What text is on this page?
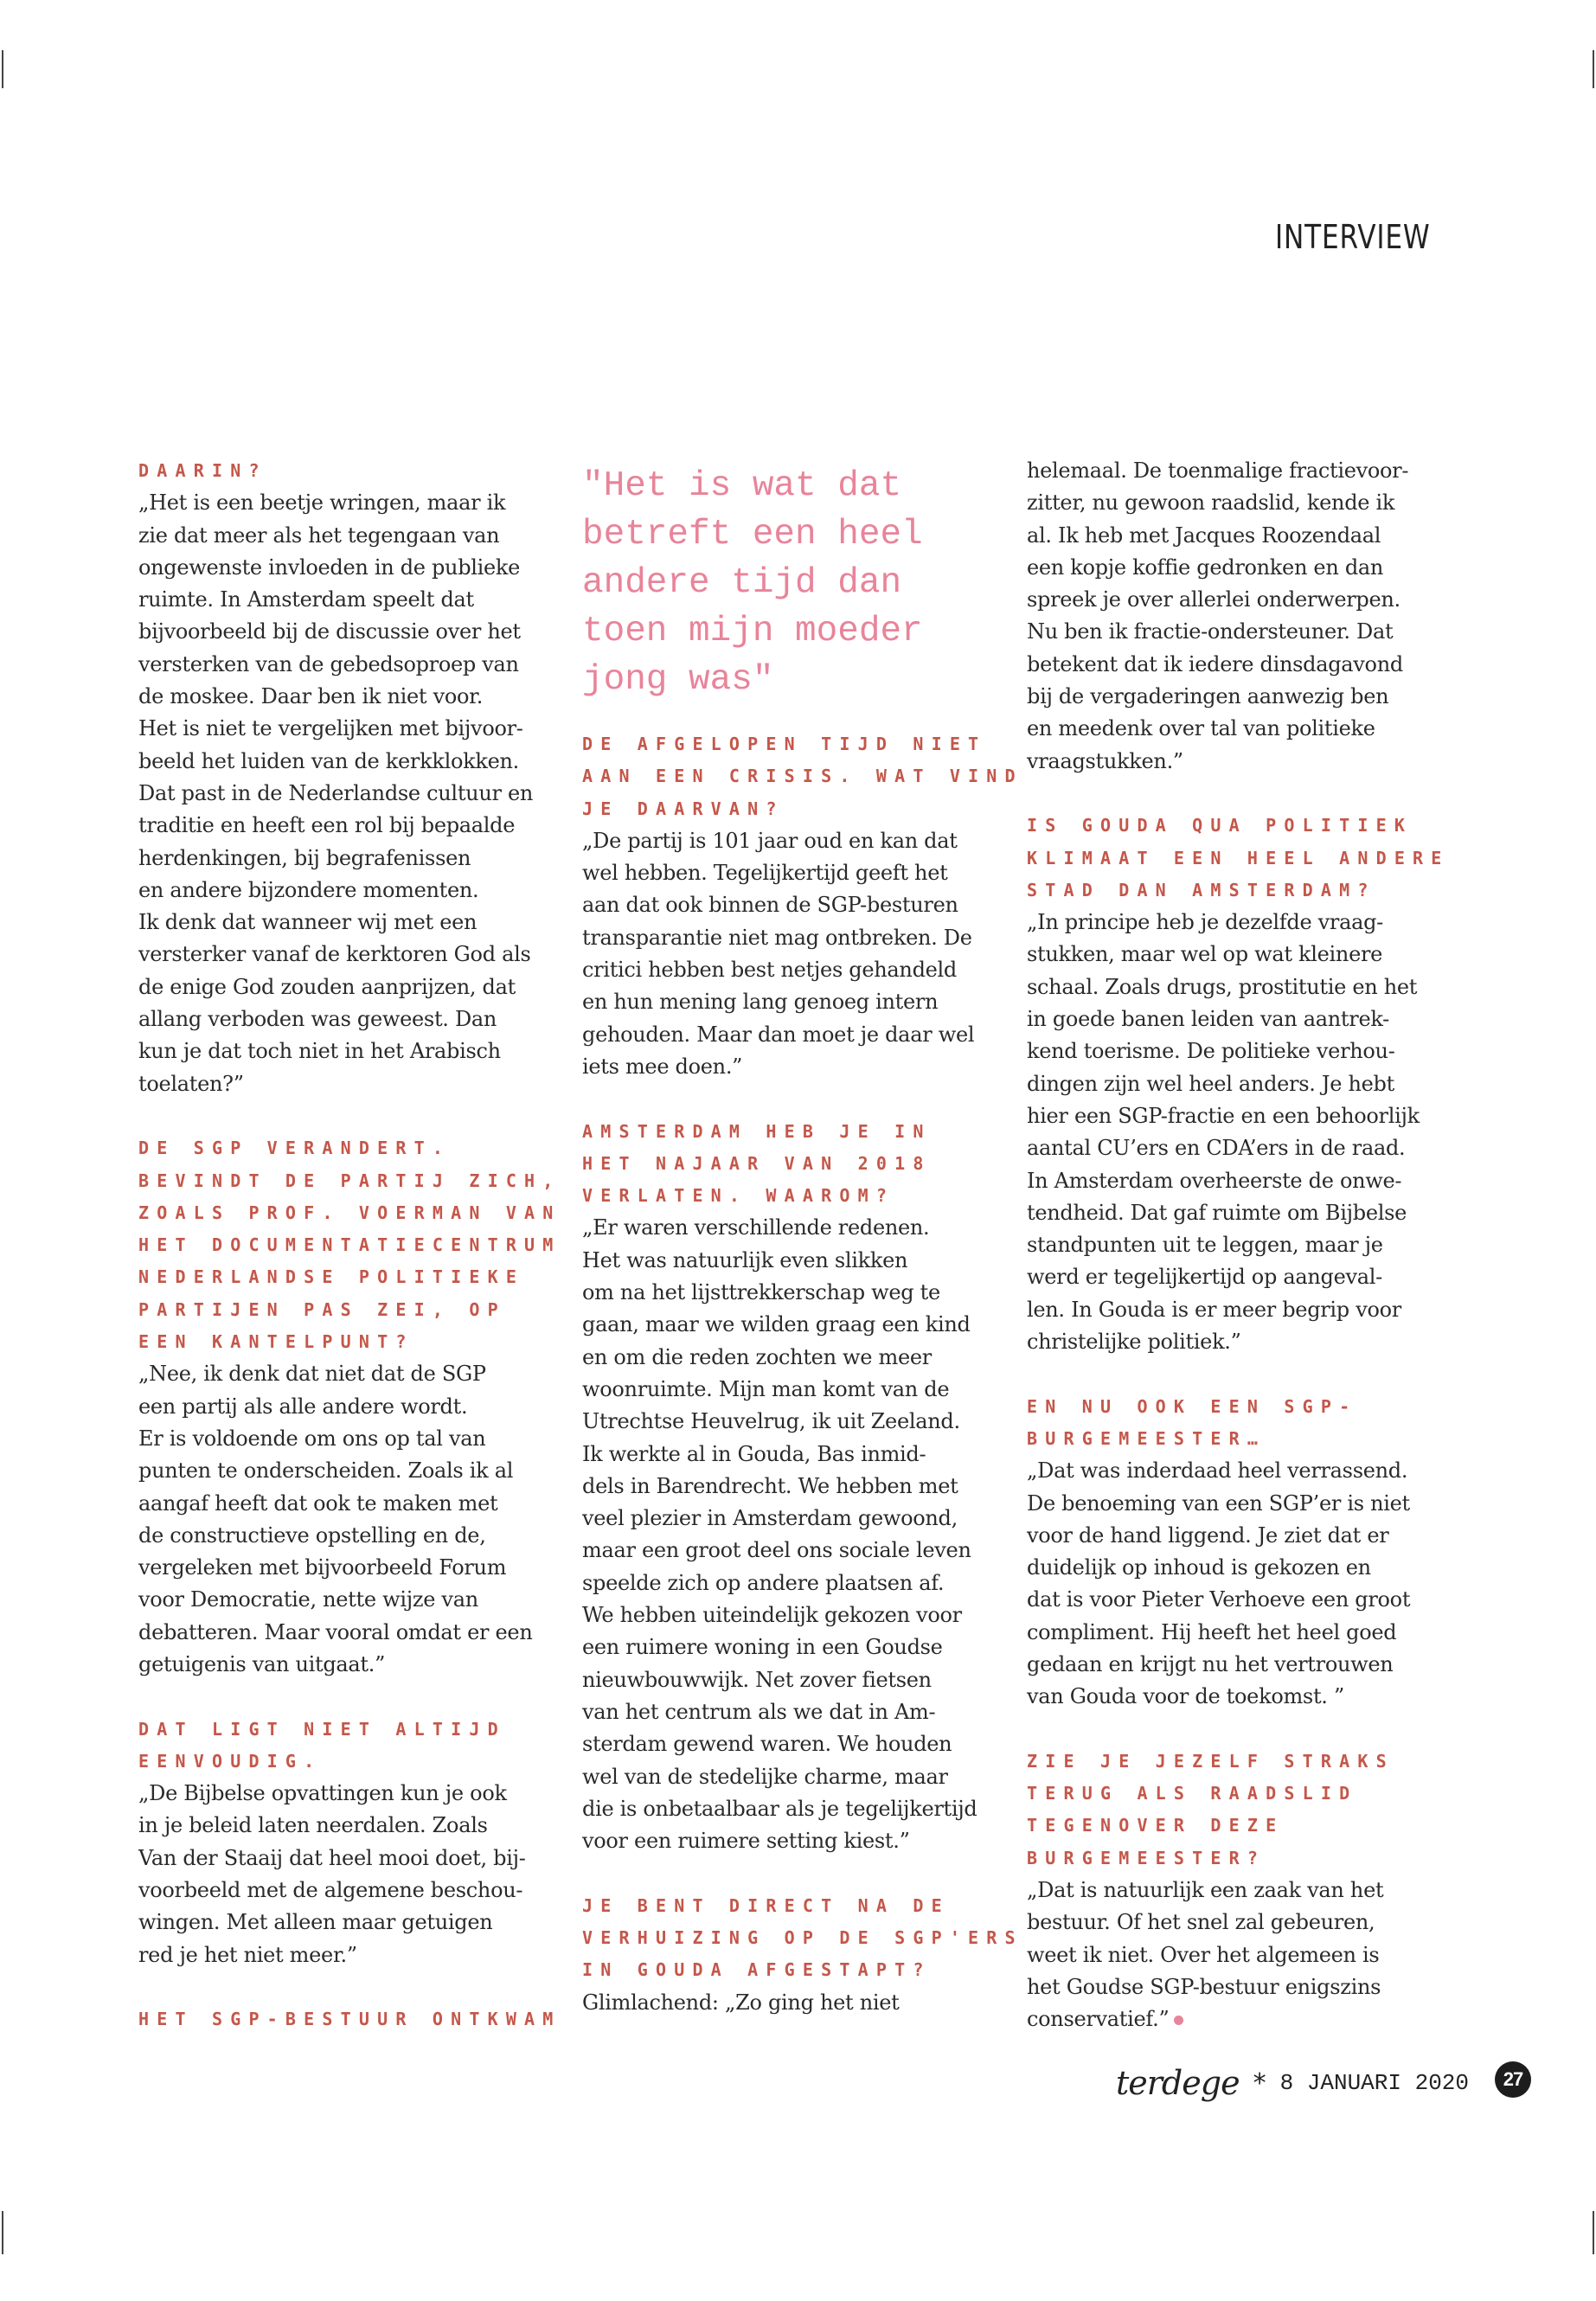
INTERVIEW
DAARIN?
„Het is een beetje wringen, maar ik
zie dat meer als het tegengaan van
ongewenste invloeden in de publieke
ruimte. In Amsterdam speelt dat
bijvoorbeeld bij de discussie over het
versterken van de gebedsoproep van
de moskee. Daar ben ik niet voor.
Het is niet te vergelijken met bijvoor-
beeld het luiden van de kerkklokken.
Dat past in de Nederlandse cultuur en
traditie en heeft een rol bij bepaalde
herdenkingen, bij begrafenissen
en andere bijzondere momenten.
Ik denk dat wanneer wij met een
versterker vanaf de kerktoren God als
de enige God zouden aanprijzen, dat
allang verboden was geweest. Dan
kun je dat toch niet in het Arabisch
toelaten?”
DE SGP VERANDERT.
BEVINDT DE PARTIJ ZICH,
ZOALS PROF. VOERMAN VAN
HET DOCUMENTATIECENTRUM
NEDERLANDSE POLITIEKE
PARTIJEN PAS ZEI, OP
EEN KANTELPUNT?
„Nee, ik denk dat niet dat de SGP
een partij als alle andere wordt.
Er is voldoende om ons op tal van
punten te onderscheiden. Zoals ik al
aangaf heeft dat ook te maken met
de constructieve opstelling en de,
vergeleken met bijvoorbeeld Forum
voor Democratie, nette wijze van
debatteren. Maar vooral omdat er een
getuigenis van uitgaat.”
DAT LIGT NIET ALTIJD
EENVOUDIG.
„De Bijbelse opvattingen kun je ook
in je beleid laten neerdalen. Zoals
Van der Staaij dat heel mooi doet, bij-
voorbeeld met de algemene beschou-
wingen. Met alleen maar getuigen
red je het niet meer.”
HET SGP-BESTUUR ONTKWAM
"Het is wat dat
betreft een heel
andere tijd dan
toen mijn moeder
jong was"
DE AFGELOPEN TIJD NIET
AAN EEN CRISIS. WAT VIND
JE DAARVAN?
„De partij is 101 jaar oud en kan dat
wel hebben. Tegelijkertijd geeft het
aan dat ook binnen de SGP-besturen
transparantie niet mag ontbreken. De
critici hebben best netjes gehandeld
en hun mening lang genoeg intern
gehouden. Maar dan moet je daar wel
iets mee doen.”
AMSTERDAM HEB JE IN
HET NAJAAR VAN 2018
VERLATEN. WAAROM?
„Er waren verschillende redenen.
Het was natuurlijk even slikken
om na het lijsttrekkerschap weg te
gaan, maar we wilden graag een kind
en om die reden zochten we meer
woonruimte. Mijn man komt van de
Utrechtse Heuvelrug, ik uit Zeeland.
Ik werkte al in Gouda, Bas inmid-
dels in Barendrecht. We hebben met
veel plezier in Amsterdam gewoond,
maar een groot deel ons sociale leven
speelde zich op andere plaatsen af.
We hebben uiteindelijk gekozen voor
een ruimere woning in een Goudse
nieuwbouwwijk. Net zover fietsen
van het centrum als we dat in Am-
sterdam gewend waren. We houden
wel van de stedelijke charme, maar
die is onbetaalbaar als je tegelijkertijd
voor een ruimere setting kiest.”
JE BENT DIRECT NA DE
VERHUIZING OP DE SGP'ERS
IN GOUDA AFGESTAPT?
Glimlachend: „Zo ging het niet
helemaal. De toenmalige fractievoor-
zitter, nu gewoon raadslid, kende ik
al. Ik heb met Jacques Roozendaal
een kopje koffie gedronken en dan
spreek je over allerlei onderwerpen.
Nu ben ik fractie-ondersteuner. Dat
betekent dat ik iedere dinsdagavond
bij de vergaderingen aanwezig ben
en meedenk over tal van politieke
vraagstukken.”
IS GOUDA QUA POLITIEK
KLIMAAT EEN HEEL ANDERE
STAD DAN AMSTERDAM?
„In principe heb je dezelfde vraag-
stukken, maar wel op wat kleinere
schaal. Zoals drugs, prostitutie en het
in goede banen leiden van aantrek-
kend toerisme. De politieke verhou-
dingen zijn wel heel anders. Je hebt
hier een SGP-fractie en een behoorlijk
aantal CU’ers en CDA’ers in de raad.
In Amsterdam overheerste de onwe-
tendheid. Dat gaf ruimte om Bijbelse
standpunten uit te leggen, maar je
werd er tegelijkertijd op aangeval-
len. In Gouda is er meer begrip voor
christelijke politiek.”
EN NU OOK EEN SGP-
BURGEMEESTER…
„Dat was inderdaad heel verrassend.
De benoeming van een SGP’er is niet
voor de hand liggend. Je ziet dat er
duidelijk op inhoud is gekozen en
dat is voor Pieter Verhoeve een groot
compliment. Hij heeft het heel goed
gedaan en krijgt nu het vertrouwen
van Gouda voor de toekomst. ”
ZIE JE JEZELF STRAKS
TERUG ALS RAADSLID
TEGENOVER DEZE
BURGEMEESTER?
„Dat is natuurlijk een zaak van het
bestuur. Of het snel zal gebeuren,
weet ik niet. Over het algemeen is
het Goudse SGP-bestuur enigszins
conservatief.”
terdege * 8 JANUARI 2020	27
